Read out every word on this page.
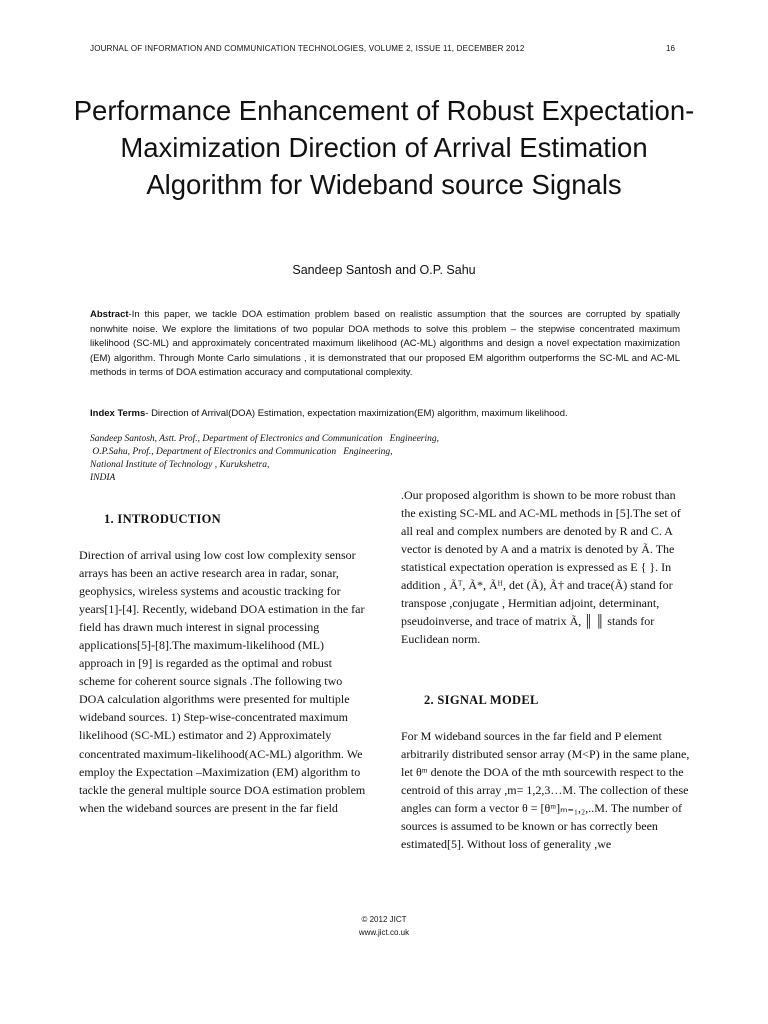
JOURNAL OF INFORMATION AND COMMUNICATION TECHNOLOGIES, VOLUME 2, ISSUE 11, DECEMBER 2012	16
Performance Enhancement of Robust Expectation-Maximization Direction of Arrival Estimation Algorithm for Wideband source Signals
Sandeep Santosh and O.P. Sahu

Abstract-In this paper, we tackle DOA estimation problem based on realistic assumption that the sources are corrupted by spatially nonwhite noise. We explore the limitations of two popular DOA methods to solve this problem – the stepwise concentrated maximum likelihood (SC-ML) and approximately concentrated maximum likelihood (AC-ML) algorithms and design a novel expectation maximization (EM) algorithm. Through Monte Carlo simulations , it is demonstrated that our proposed EM algorithm outperforms the SC-ML and AC-ML methods in terms of DOA estimation accuracy and computational complexity.

Index Terms- Direction of Arrival(DOA) Estimation, expectation maximization(EM) algorithm, maximum likelihood.

Sandeep Santosh, Astt. Prof., Department of Electronics and Communication   Engineering,
O.P.Sahu, Prof., Department of Electronics and Communication   Engineering,
National Institute of Technology , Kurukshetra,
INDIA
1. INTRODUCTION

Direction of arrival using low cost low complexity sensor arrays has been an active research area in radar, sonar, geophysics, wireless systems and acoustic tracking for years[1]-[4]. Recently, wideband DOA estimation in the far field has drawn much interest in signal processing applications[5]-[8].The maximum-likelihood (ML) approach in [9] is regarded as the optimal and robust scheme for coherent source signals .The following two DOA calculation algorithms were presented for multiple wideband sources. 1) Step-wise-concentrated maximum likelihood (SC-ML) estimator and 2) Approximately concentrated maximum-likelihood(AC-ML) algorithm. We employ the Expectation –Maximization (EM) algorithm to tackle the general multiple source DOA estimation problem when the wideband sources are present in the far field

.Our proposed algorithm is shown to be more robust than the existing SC-ML and AC-ML methods in [5].The set of all real and complex numbers are denoted by R and C. A vector is denoted by A and a matrix is denoted by Ã. The statistical expectation operation is expressed as E { }. In addition , Ãᵀ, Ã*, Ãᴴ, det (Ã), Ã† and trace(Ã) stand for transpose ,conjugate , Hermitian adjoint, determinant, pseudoinverse, and trace of matrix Ã, ║ ║ stands for Euclidean norm.

2. SIGNAL MODEL

For M wideband sources in the far field and P element arbitrarily distributed sensor array (M<P) in the same plane, let θᵐ denote the DOA of the mth sourcewith respect to the centroid of this array ,m= 1,2,3…M. The collection of these angles can form a vector θ = [θᵐ]ₘ₌₁,₂,..M. The number of sources is assumed to be known or has correctly been estimated[5]. Without loss of generality ,we

© 2012 JICT
www.jict.co.uk
